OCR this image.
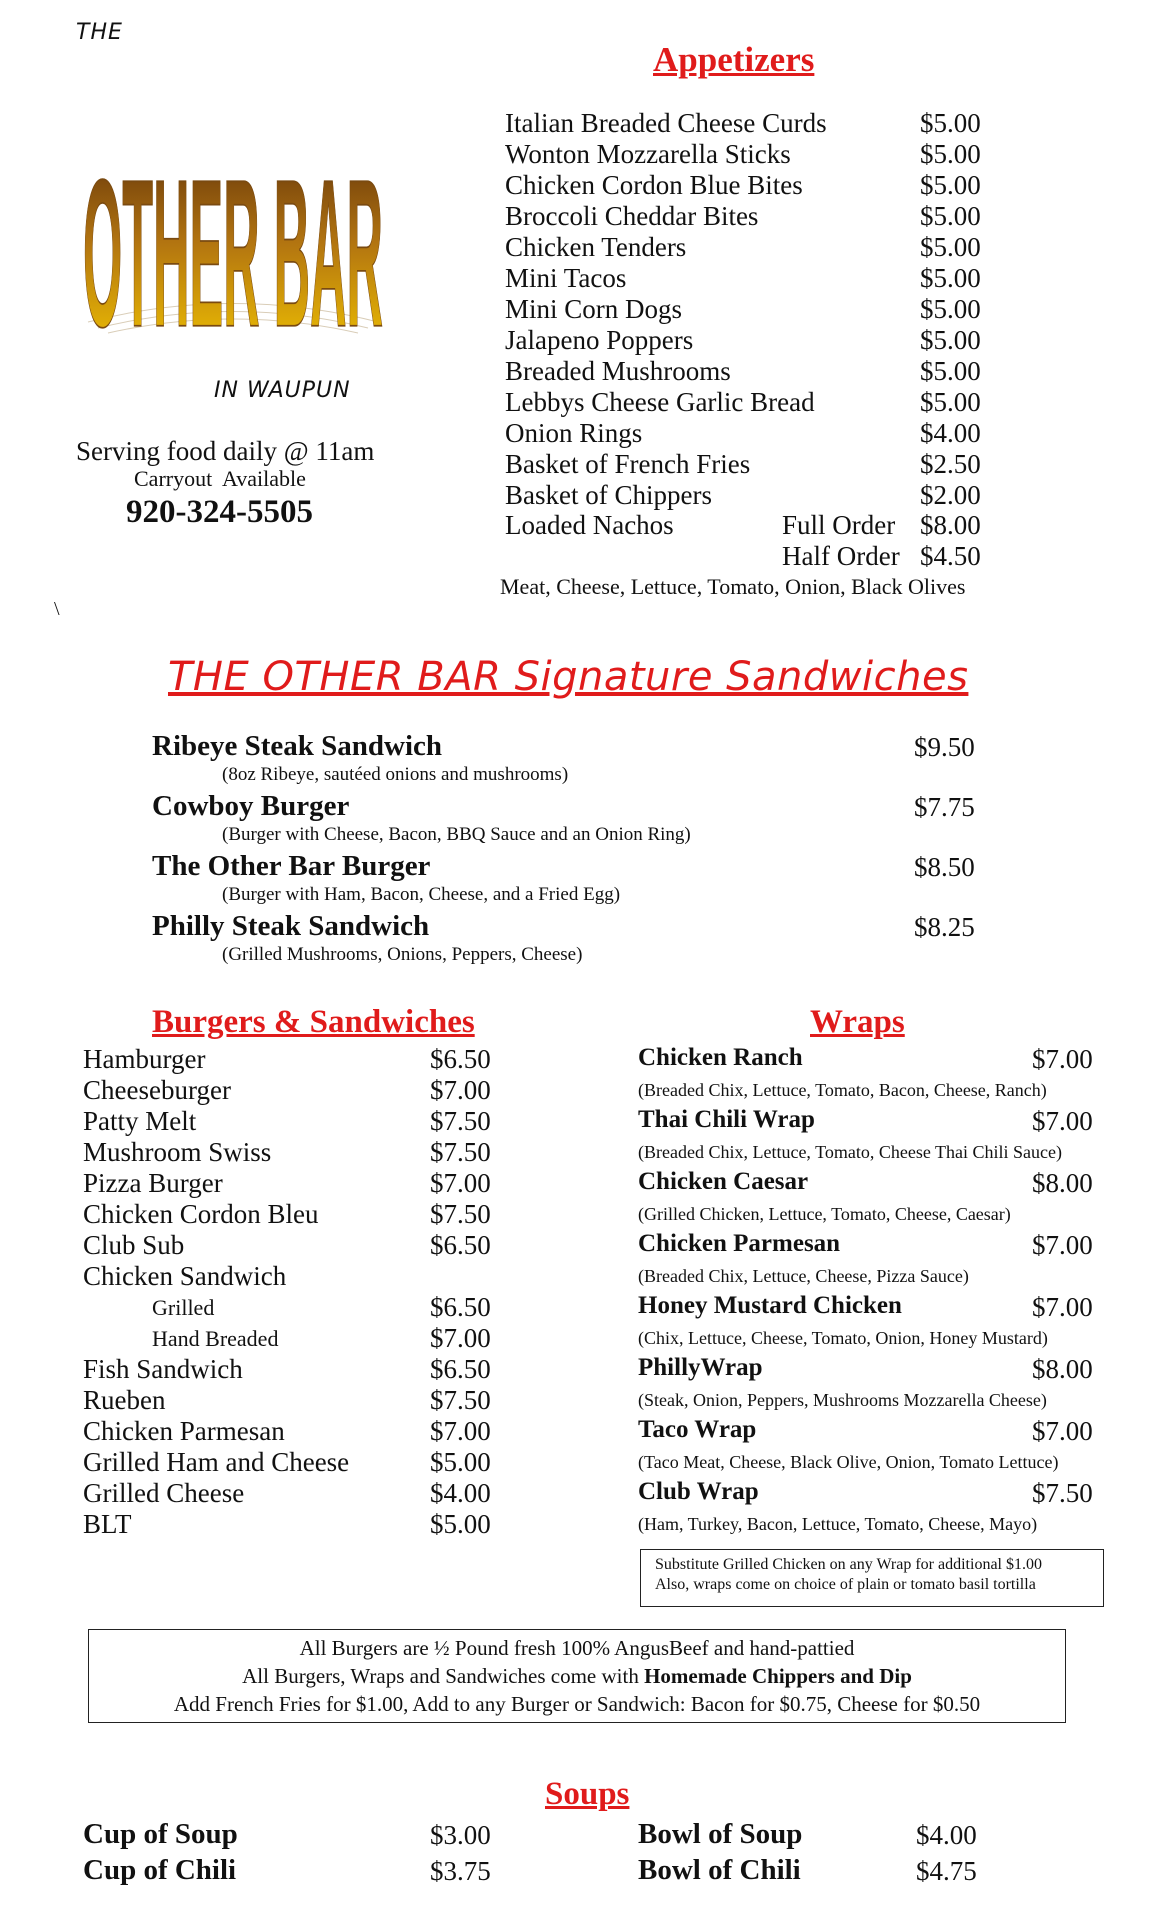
THE
OTHER BAR
IN WAUPUN
Serving food daily @ 11am
Carryout  Available
920-324-5505
\
Appetizers
Italian Breaded Cheese Curds	$5.00
Wonton Mozzarella Sticks	$5.00
Chicken Cordon Blue Bites	$5.00
Broccoli Cheddar Bites	$5.00
Chicken Tenders	$5.00
Mini Tacos	$5.00
Mini Corn Dogs	$5.00
Jalapeno Poppers	$5.00
Breaded Mushrooms	$5.00
Lebbys Cheese Garlic Bread	$5.00
Onion Rings	$4.00
Basket of French Fries	$2.50
Basket of Chippers	$2.00
Loaded Nachos	Full Order $8.00
Half Order $4.50
Meat, Cheese, Lettuce, Tomato, Onion, Black Olives
THE OTHER BAR Signature Sandwiches
Ribeye Steak Sandwich	$9.50
(8oz Ribeye, sautéed onions and mushrooms)
Cowboy Burger	$7.75
(Burger with Cheese, Bacon, BBQ Sauce and an Onion Ring)
The Other Bar Burger	$8.50
(Burger with Ham, Bacon, Cheese, and a Fried Egg)
Philly Steak Sandwich	$8.25
(Grilled Mushrooms, Onions, Peppers, Cheese)
Burgers & Sandwiches
Hamburger	$6.50
Cheeseburger	$7.00
Patty Melt	$7.50
Mushroom Swiss	$7.50
Pizza Burger	$7.00
Chicken Cordon Bleu	$7.50
Club Sub	$6.50
Chicken Sandwich
Grilled	$6.50
Hand Breaded	$7.00
Fish Sandwich	$6.50
Rueben	$7.50
Chicken Parmesan	$7.00
Grilled Ham and Cheese	$5.00
Grilled Cheese	$4.00
BLT	$5.00
Wraps
Chicken Ranch	$7.00
(Breaded Chix, Lettuce, Tomato, Bacon, Cheese, Ranch)
Thai Chili Wrap	$7.00
(Breaded Chix, Lettuce, Tomato, Cheese Thai Chili Sauce)
Chicken Caesar	$8.00
(Grilled Chicken, Lettuce, Tomato, Cheese, Caesar)
Chicken Parmesan	$7.00
(Breaded Chix, Lettuce, Cheese, Pizza Sauce)
Honey Mustard Chicken	$7.00
(Chix, Lettuce, Cheese, Tomato, Onion, Honey Mustard)
PhillyWrap	$8.00
(Steak, Onion, Peppers, Mushrooms Mozzarella Cheese)
Taco Wrap	$7.00
(Taco Meat, Cheese, Black Olive, Onion, Tomato Lettuce)
Club Wrap	$7.50
(Ham, Turkey, Bacon, Lettuce, Tomato, Cheese, Mayo)
Substitute Grilled Chicken on any Wrap for additional $1.00
Also, wraps come on choice of plain or tomato basil tortilla
All Burgers are ½ Pound fresh 100% AngusBeef and hand-pattied
All Burgers, Wraps and Sandwiches come with Homemade Chippers and Dip
Add French Fries for $1.00, Add to any Burger or Sandwich: Bacon for $0.75, Cheese for $0.50
Soups
Cup of Soup	$3.00
Cup of Chili	$3.75
Bowl of Soup	$4.00
Bowl of Chili	$4.75
